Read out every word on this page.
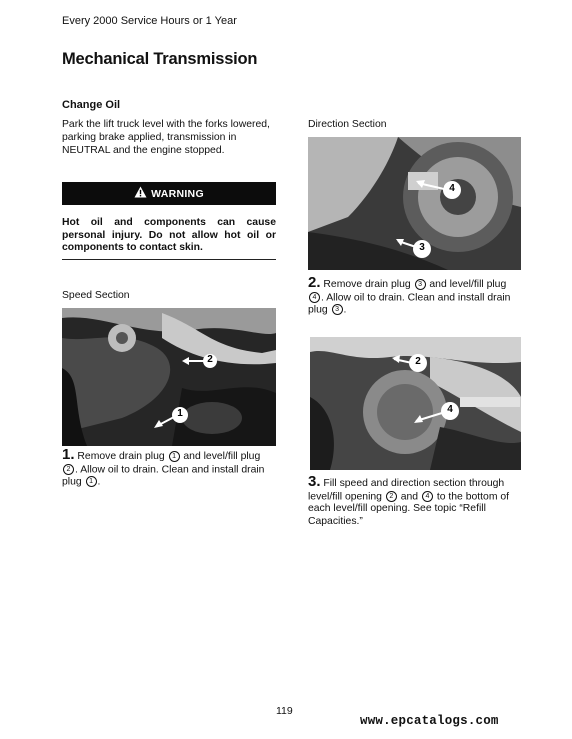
Every 2000 Service Hours or 1 Year
Mechanical Transmission
Change Oil
Park the lift truck level with the forks lowered, parking brake applied, transmission in NEUTRAL and the engine stopped.
WARNING
Hot oil and components can cause personal injury. Do not allow hot oil or components to contact skin.
Speed Section
2
1
1. Remove drain plug 1 and level/fill plug 2 . Allow oil to drain. Clean and install drain plug 1 .
Direction Section
4
3
2. Remove drain plug 3 and level/fill plug 4 . Allow oil to drain. Clean and install drain plug 3 .
2
4
3. Fill speed and direction section through level/fill opening 2 and 4 to the bottom of each level/fill opening. See topic “Refill Capacities.”
119
www.epcatalogs.com
